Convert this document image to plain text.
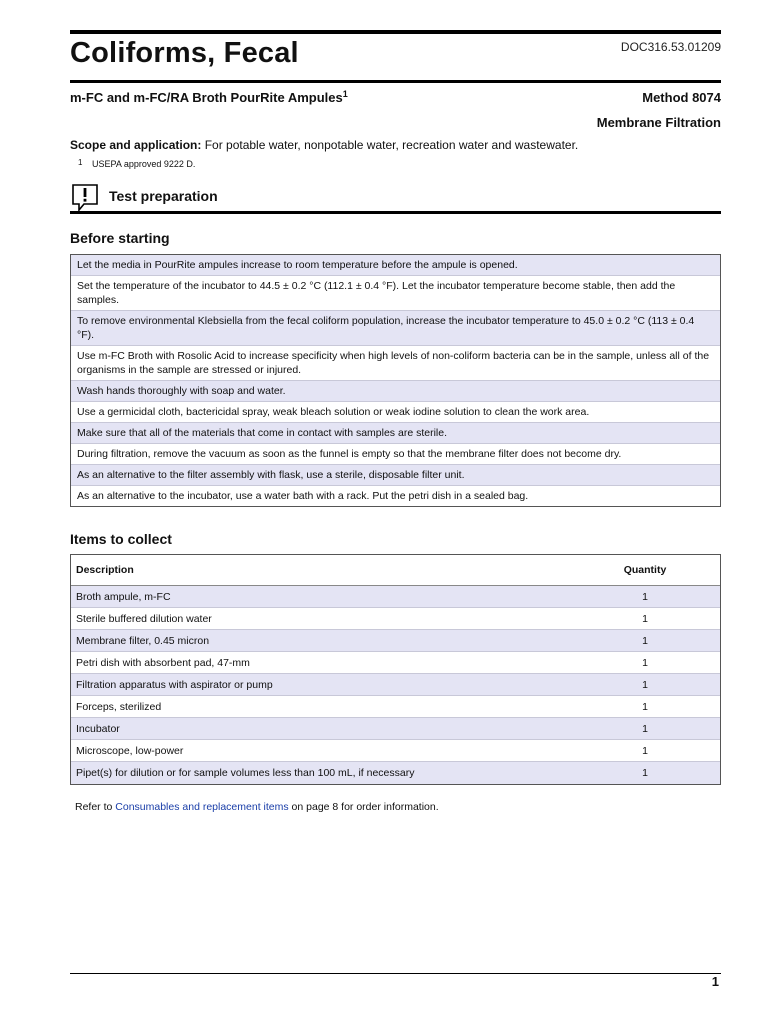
Coliforms, Fecal	DOC316.53.01209
m-FC and m-FC/RA Broth PourRite Ampules$^1$	Method 8074
Membrane Filtration
Scope and application: For potable water, nonpotable water, recreation water and wastewater.
1 USEPA approved 9222 D.
Test preparation
Before starting
Let the media in PourRite ampules increase to room temperature before the ampule is opened.
Set the temperature of the incubator to 44.5 ± 0.2 °C (112.1 ± 0.4 °F). Let the incubator temperature become stable, then add the samples.
To remove environmental Klebsiella from the fecal coliform population, increase the incubator temperature to 45.0 ± 0.2 °C (113 ± 0.4 °F).
Use m-FC Broth with Rosolic Acid to increase specificity when high levels of non-coliform bacteria can be in the sample, unless all of the organisms in the sample are stressed or injured.
Wash hands thoroughly with soap and water.
Use a germicidal cloth, bactericidal spray, weak bleach solution or weak iodine solution to clean the work area.
Make sure that all of the materials that come in contact with samples are sterile.
During filtration, remove the vacuum as soon as the funnel is empty so that the membrane filter does not become dry.
As an alternative to the filter assembly with flask, use a sterile, disposable filter unit.
As an alternative to the incubator, use a water bath with a rack. Put the petri dish in a sealed bag.
Items to collect
Description	Quantity
Broth ampule, m-FC	1
Sterile buffered dilution water	1
Membrane filter, 0.45 micron	1
Petri dish with absorbent pad, 47-mm	1
Filtration apparatus with aspirator or pump	1
Forceps, sterilized	1
Incubator	1
Microscope, low-power	1
Pipet(s) for dilution or for sample volumes less than 100 mL, if necessary	1
Refer to Consumables and replacement items on page 8 for order information.
1
